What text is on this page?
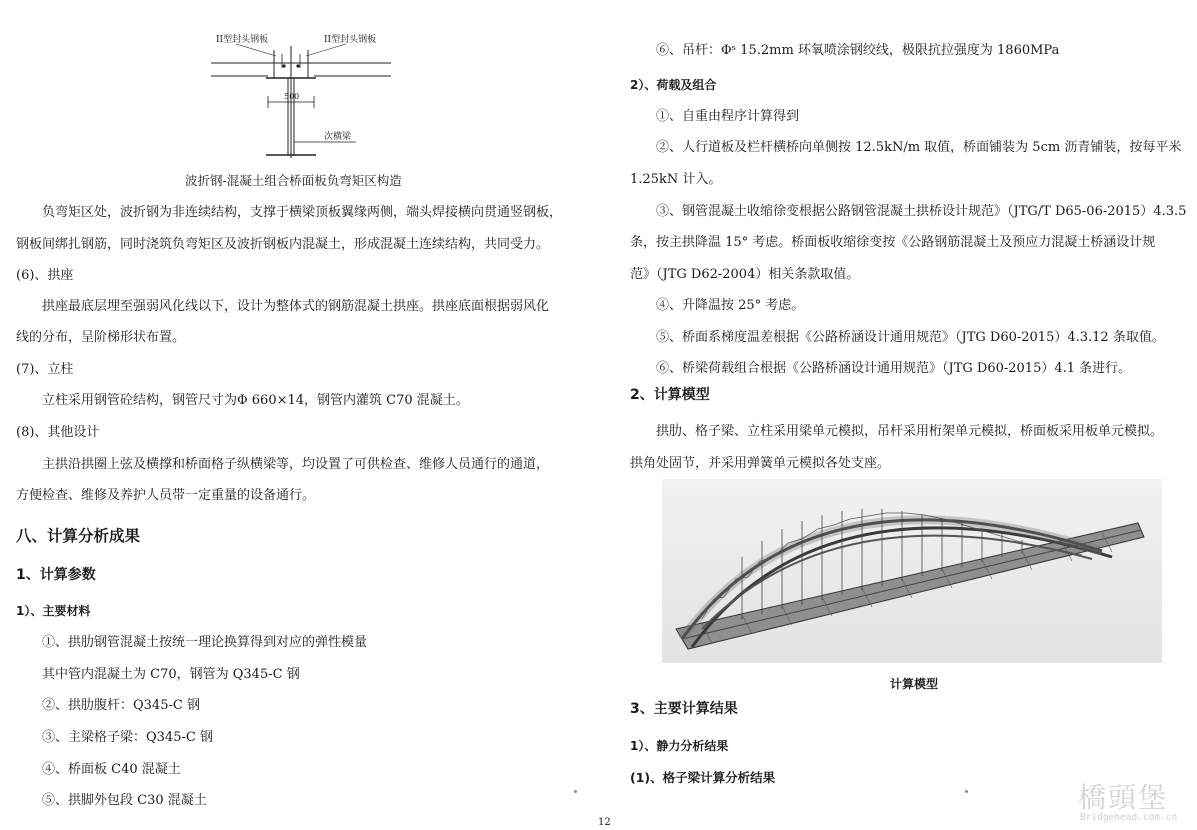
II型封头钢板	II型封头钢板
500
次横梁
波折钢-混凝土组合桥面板负弯矩区构造
负弯矩区处，波折钢为非连续结构，支撑于横梁顶板翼缘两侧，端头焊接横向贯通竖钢板，
钢板间绑扎钢筋，同时浇筑负弯矩区及波折钢板内混凝土，形成混凝土连续结构，共同受力。
(6)、拱座
拱座最底层埋至强弱风化线以下，设计为整体式的钢筋混凝土拱座。拱座底面根据弱风化
线的分布，呈阶梯形状布置。
(7)、立柱
立柱采用钢管砼结构，钢管尺寸为Φ 660×14，钢管内灌筑 C70 混凝土。
(8)、其他设计
主拱沿拱圈上弦及横撑和桥面格子纵横梁等，均设置了可供检查、维修人员通行的通道，
方便检查、维修及养护人员带一定重量的设备通行。
八、计算分析成果
1、计算参数
1）、主要材料
①、拱肋钢管混凝土按统一理论换算得到对应的弹性模量
其中管内混凝土为 C70，钢管为 Q345-C 钢
②、拱肋腹杆：Q345-C 钢
③、主梁格子梁：Q345-C 钢
④、桥面板 C40 混凝土
⑤、拱脚外包段 C30 混凝土
⑥、吊杆：Φˢ 15.2mm 环氧喷涂钢绞线，极限抗拉强度为 1860MPa
2）、荷载及组合
①、自重由程序计算得到
②、人行道板及栏杆横桥向单侧按 12.5kN/m 取值，桥面铺装为 5cm 沥青铺装，按每平米
1.25kN 计入。
③、钢管混凝土收缩徐变根据公路钢管混凝土拱桥设计规范》（JTG/T D65-06-2015）4.3.5
条，按主拱降温 15° 考虑。桥面板收缩徐变按《公路钢筋混凝土及预应力混凝土桥涵设计规
范》（JTG D62-2004）相关条款取值。
④、升降温按 25° 考虑。
⑤、桥面系梯度温差根据《公路桥涵设计通用规范》（JTG D60-2015）4.3.12 条取值。
⑥、桥梁荷载组合根据《公路桥涵设计通用规范》（JTG D60-2015）4.1 条进行。
2、计算模型
拱肋、格子梁、立柱采用梁单元模拟，吊杆采用桁架单元模拟，桥面板采用板单元模拟。
拱角处固节，并采用弹簧单元模拟各处支座。
计算模型
3、主要计算结果
1）、静力分析结果
(1)、格子梁计算分析结果
12
橋頭堡
Bridgehead.com.cn
